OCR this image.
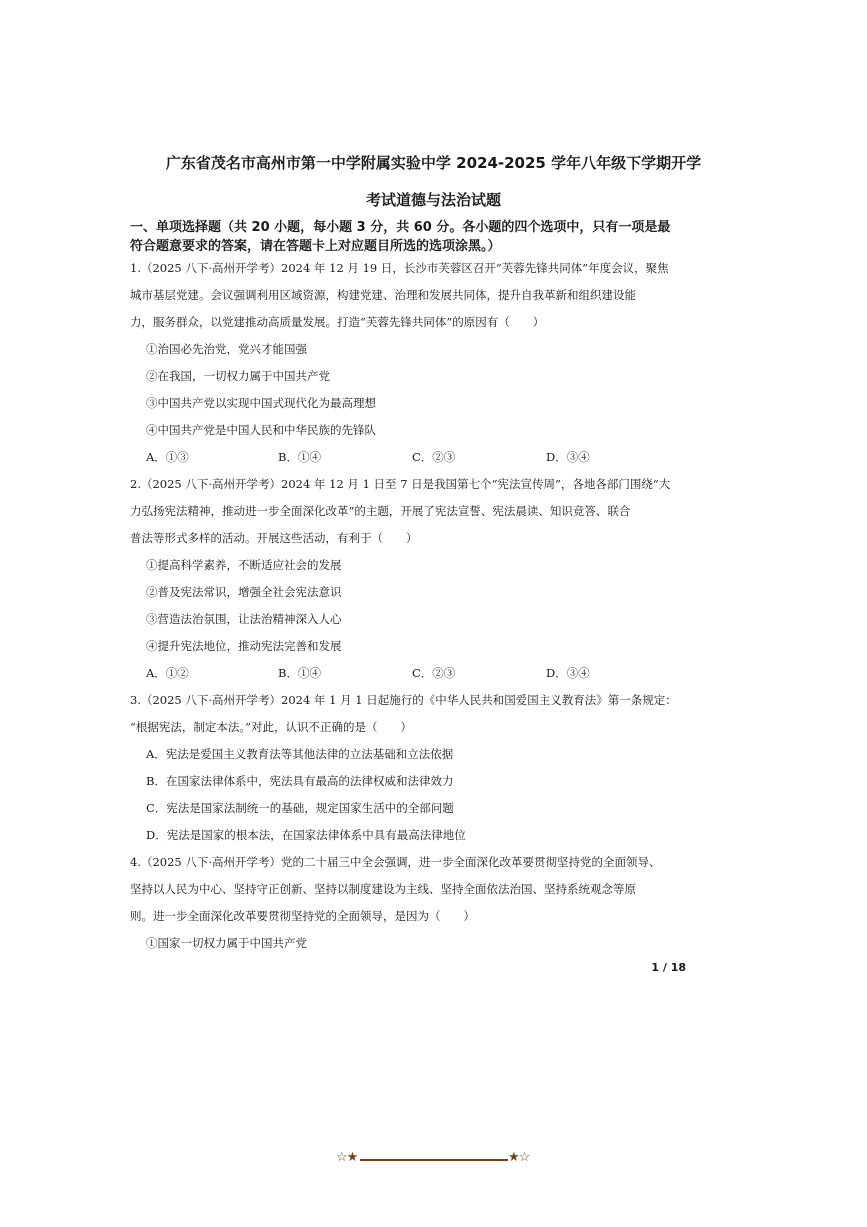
广东省茂名市高州市第一中学附属实验中学 2024-2025 学年八年级下学期开学
考试道德与法治试题
一、单项选择题（共 20 小题，每小题 3 分，共 60 分。各小题的四个选项中，只有一项是最
符合题意要求的答案，请在答题卡上对应题目所选的选项涂黑。）
1.（2025 八下·高州开学考）2024 年 12 月 19 日，长沙市芙蓉区召开“芙蓉先锋共同体”年度会议，聚焦
城市基层党建。会议强调利用区域资源，构建党建、治理和发展共同体，提升自我革新和组织建设能
力，服务群众，以党建推动高质量发展。打造“芙蓉先锋共同体”的原因有（　　）
①治国必先治党，党兴才能国强
②在我国，一切权力属于中国共产党
③中国共产党以实现中国式现代化为最高理想
④中国共产党是中国人民和中华民族的先锋队
A．①③	B．①④	C．②③	D．③④
2.（2025 八下·高州开学考）2024 年 12 月 1 日至 7 日是我国第七个“宪法宣传周”，各地各部门围绕“大
力弘扬宪法精神，推动进一步全面深化改革”的主题，开展了宪法宣誓、宪法晨读、知识竞答、联合
普法等形式多样的活动。开展这些活动，有利于（　　）
①提高科学素养，不断适应社会的发展
②普及宪法常识，增强全社会宪法意识
③营造法治氛围，让法治精神深入人心
④提升宪法地位，推动宪法完善和发展
A．①②	B．①④	C．②③	D．③④
3.（2025 八下·高州开学考）2024 年 1 月 1 日起施行的《中华人民共和国爱国主义教育法》第一条规定：
“根据宪法，制定本法。”对此，认识不正确的是（　　）
A．宪法是爱国主义教育法等其他法律的立法基础和立法依据
B．在国家法律体系中，宪法具有最高的法律权威和法律效力
C．宪法是国家法制统一的基础，规定国家生活中的全部问题
D．宪法是国家的根本法，在国家法律体系中具有最高法律地位
4.（2025 八下·高州开学考）党的二十届三中全会强调，进一步全面深化改革要贯彻坚持党的全面领导、
坚持以人民为中心、坚持守正创新、坚持以制度建设为主线、坚持全面依法治国、坚持系统观念等原
则。进一步全面深化改革要贯彻坚持党的全面领导，是因为（　　）
①国家一切权力属于中国共产党
1 / 18
☆★	★☆
